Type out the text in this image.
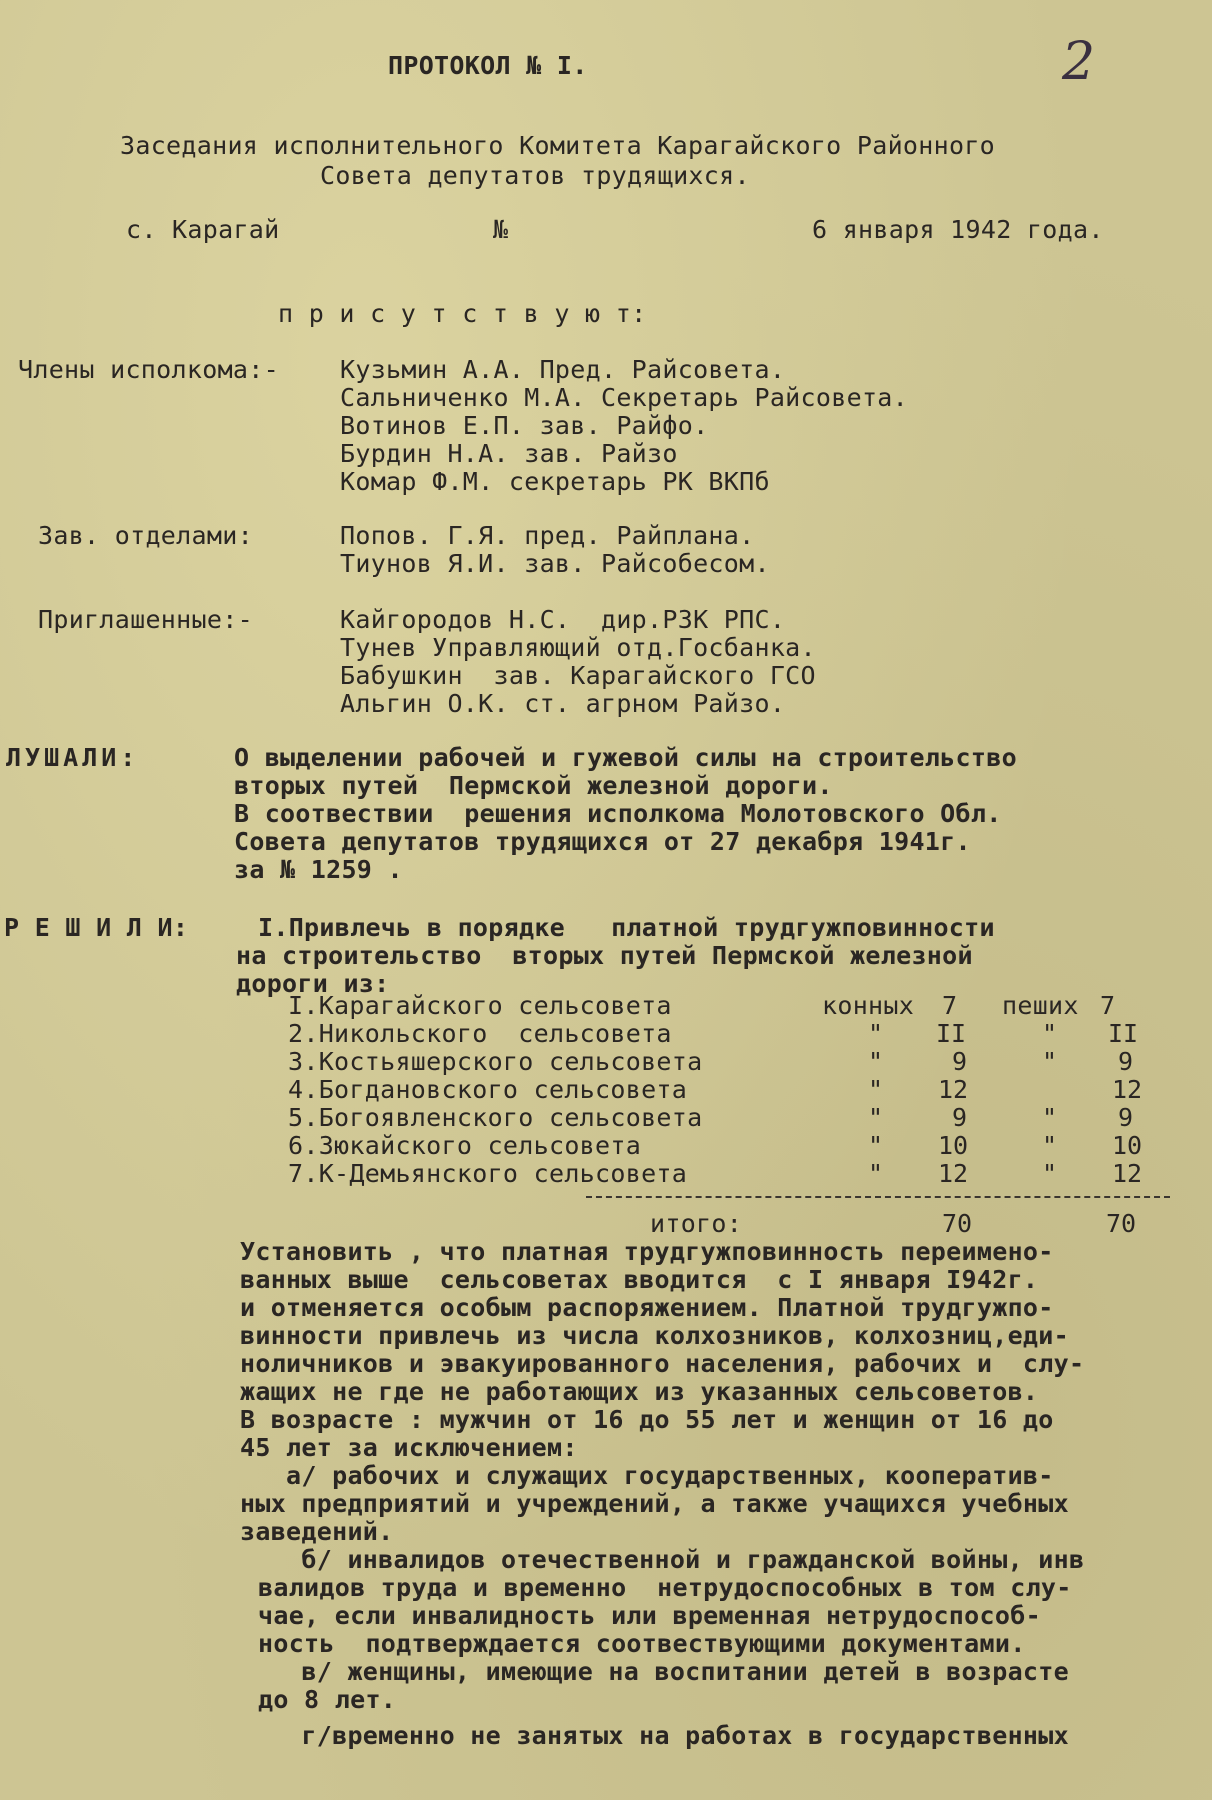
ПРОТОКОЛ № I.	2
Заседания исполнительного Комитета Карагайского Районного
Совета депутатов трудящихся.
с. Карагай	№	6 января 1942 года.
п р и с у т с т в у ю т:
Члены исполкома:- Кузьмин А.А. Пред. Райсовета.
Сальниченко М.А. Секретарь Райсовета.
Вотинов Е.П. зав. Райфо.
Бурдин Н.А. зав. Райзо
Комар Ф.М. секретарь РК ВКПб
Зав. отделами:	Попов. Г.Я. пред. Райплана.
Тиунов Я.И. зав. Райсобесом.
Приглашенные:-	Кайгородов Н.С.  дир.РЗК РПС.
Тунев Управляющий отд.Госбанка.
Бабушкин  зав. Карагайского ГСО
Альгин О.К. ст. агрном Райзо.
ЛУШАЛИ:	О выделении рабочей и гужевой силы на строительство
вторых путей  Пермской железной дороги.
В соотвествии  решения исполкома Молотовского Обл.
Совета депутатов трудящихся от 27 декабря 1941г.
за № 1259 .
Р Е Ш И Л И:	I.Привлечь в порядке   платной трудгужповинности
на строительство  вторых путей Пермской железной
дороги из:
конных	пеших
I.Карагайского сельсовета	7	7
2.Никольского  сельсовета	" II	" II
3.Костьяшерского сельсовета	"	9	" 9
4.Богдановского сельсовета	" 12	12
5.Богоявленского сельсовета	"	9	" 9
6.Зюкайского сельсовета	" 10	" 10
7.К-Демьянского сельсовета	" 12	" 12
итого:	70	70
Установить , что платная трудгужповинность переимено-
ванных выше  сельсоветах вводится  с I января I942г.
и отменяется особым распоряжением. Платной трудгужпо-
винности привлечь из числа колхозников, колхозниц,еди-
ноличников и эвакуированного населения, рабочих и  слу-
жащих не где не работающих из указанных сельсоветов.
В возрасте : мужчин от 16 до 55 лет и женщин от 16 до
45 лет за исключением:
а/ рабочих и служащих государственных, кооператив-
ных предприятий и учреждений, а также учащихся учебных
заведений.
б/ инвалидов отечественной и гражданской войны, инв
валидов труда и временно  нетрудоспособных в том слу-
чае, если инвалидность или временная нетрудоспособ-
ность  подтверждается соотвествующими документами.
в/ женщины, имеющие на воспитании детей в возрасте
до 8 лет.
г/временно не занятых на работах в государственных
